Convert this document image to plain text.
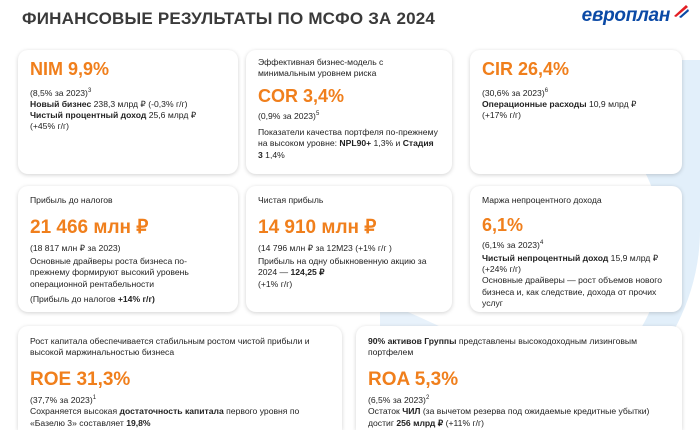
ФИНАНСОВЫЕ РЕЗУЛЬТАТЫ ПО МСФО ЗА 2024	европлан

NIM 9,9%

(8,5% за 2023)$^3$

Новый бизнес 238,3 млрд ₽ (-0,3% г/г)

Чистый процентный доход 25,6 млрд ₽

(+45% г/г)

Эффективная бизнес-модель с минимальным уровнем риска

COR 3,4%

(0,9% за 2023)$^5$

Показатели качества портфеля по-прежнему на высоком уровне: NPL90+ 1,3% и Стадия 3 1,4%

CIR 26,4%

(30,6% за 2023)$^6$

Операционные расходы 10,9 млрд ₽

(+17% г/г)

Прибыль до налогов

21 466 млн ₽

(18 817 млн ₽ за 2023)

Основные драйверы роста бизнеса по-прежнему формируют высокий уровень операционной рентабельности

(Прибыль до налогов +14% г/г)

Чистая прибыль

14 910 млн ₽

(14 796 млн ₽ за 12М23 (+1% г/г )

Прибыль на одну обыкновенную акцию за 2024 — 124,25 ₽

(+1% г/г)

Маржа непроцентного дохода

6,1%

(6,1% за 2023)$^4$

Чистый непроцентный доход 15,9 млрд ₽

(+24% г/г)

Основные драйверы — рост объемов нового бизнеса и, как следствие, дохода от прочих услуг

Рост капитала обеспечивается стабильным ростом чистой прибыли и высокой маржинальностью бизнеса

ROE 31,3%

(37,7% за 2023)$^1$

Сохраняется высокая достаточность капитала первого уровня по «Базелю 3» составляет 19,8%

90% активов Группы представлены высокодоходным лизинговым портфелем

ROA 5,3%

(6,5% за 2023)$^2$

Остаток ЧИЛ (за вычетом резерва под ожидаемые кредитные убытки) достиг 256 млрд ₽ (+11% г/г)
